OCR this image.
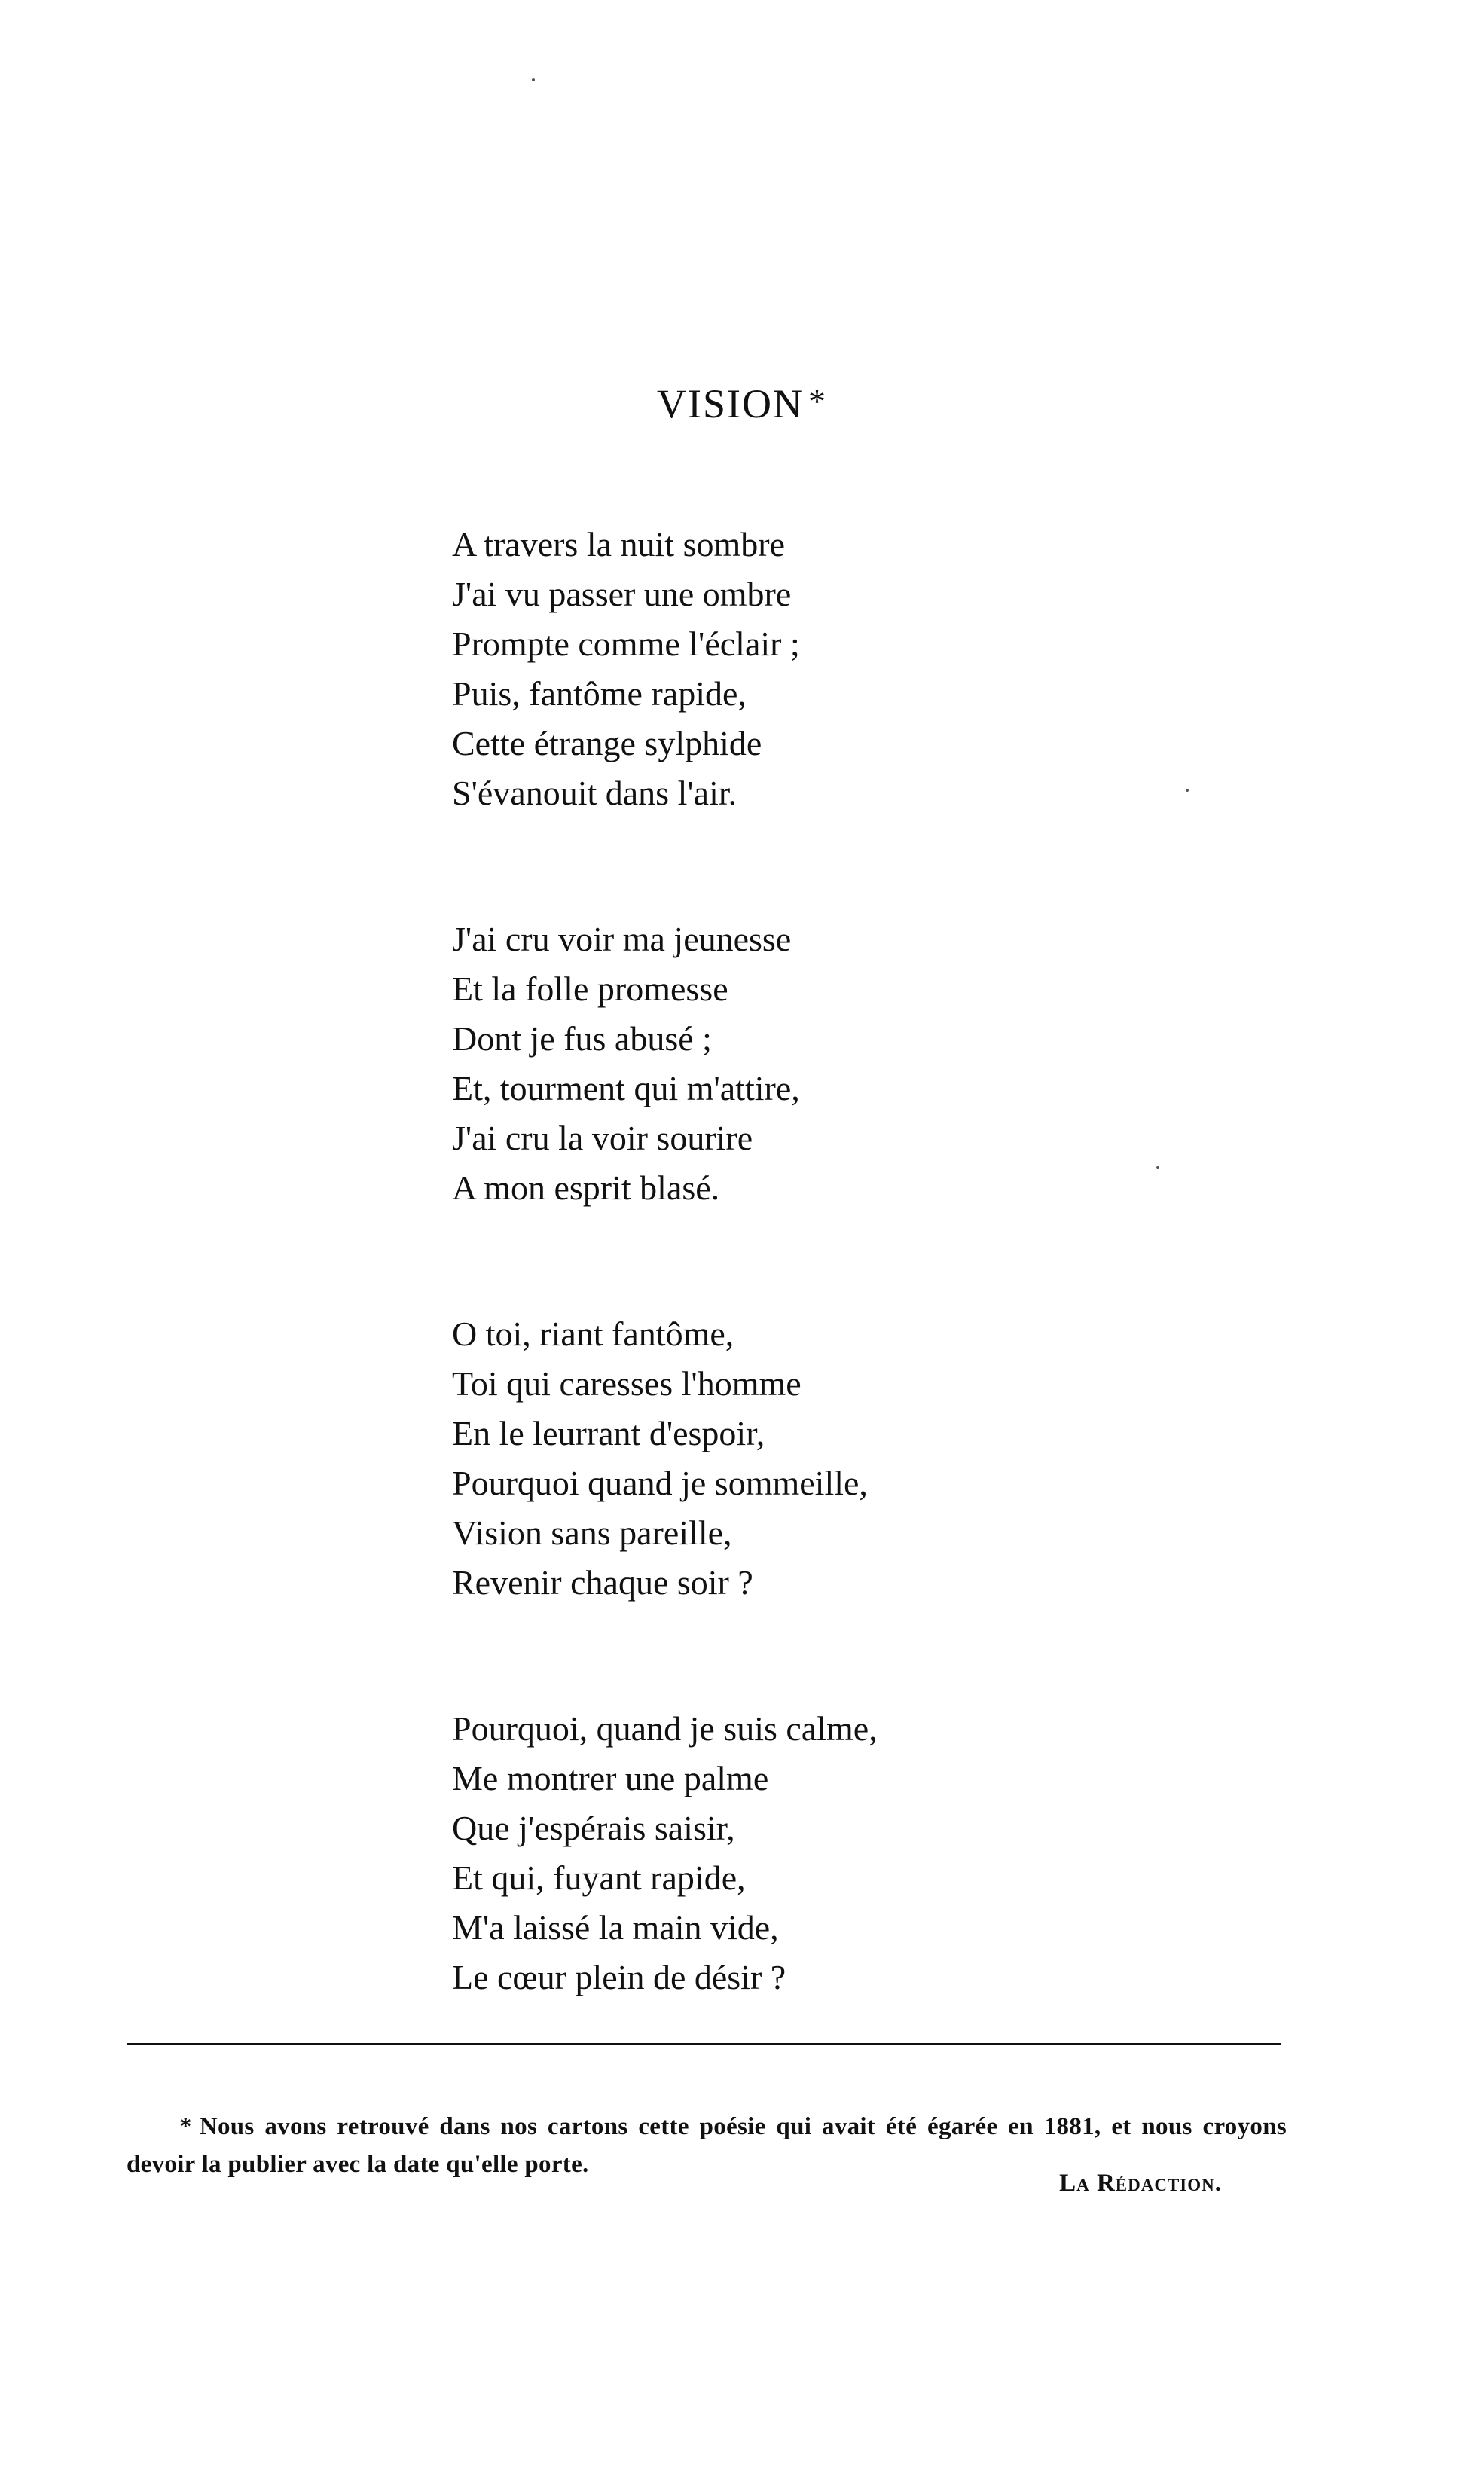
VISION *
A travers la nuit sombre
J'ai vu passer une ombre
Prompte comme l'éclair ;
Puis, fantôme rapide,
Cette étrange sylphide
S'évanouit dans l'air.
J'ai cru voir ma jeunesse
Et la folle promesse
Dont je fus abusé ;
Et, tourment qui m'attire,
J'ai cru la voir sourire
A mon esprit blasé.
O toi, riant fantôme,
Toi qui caresses l'homme
En le leurrant d'espoir,
Pourquoi quand je sommeille,
Vision sans pareille,
Revenir chaque soir ?
Pourquoi, quand je suis calme,
Me montrer une palme
Que j'espérais saisir,
Et qui, fuyant rapide,
M'a laissé la main vide,
Le cœur plein de désir ?

* Nous avons retrouvé dans nos cartons cette poésie qui avait été égarée en 1881, et nous croyons devoir la publier avec la date qu'elle porte.

La Rédaction.
